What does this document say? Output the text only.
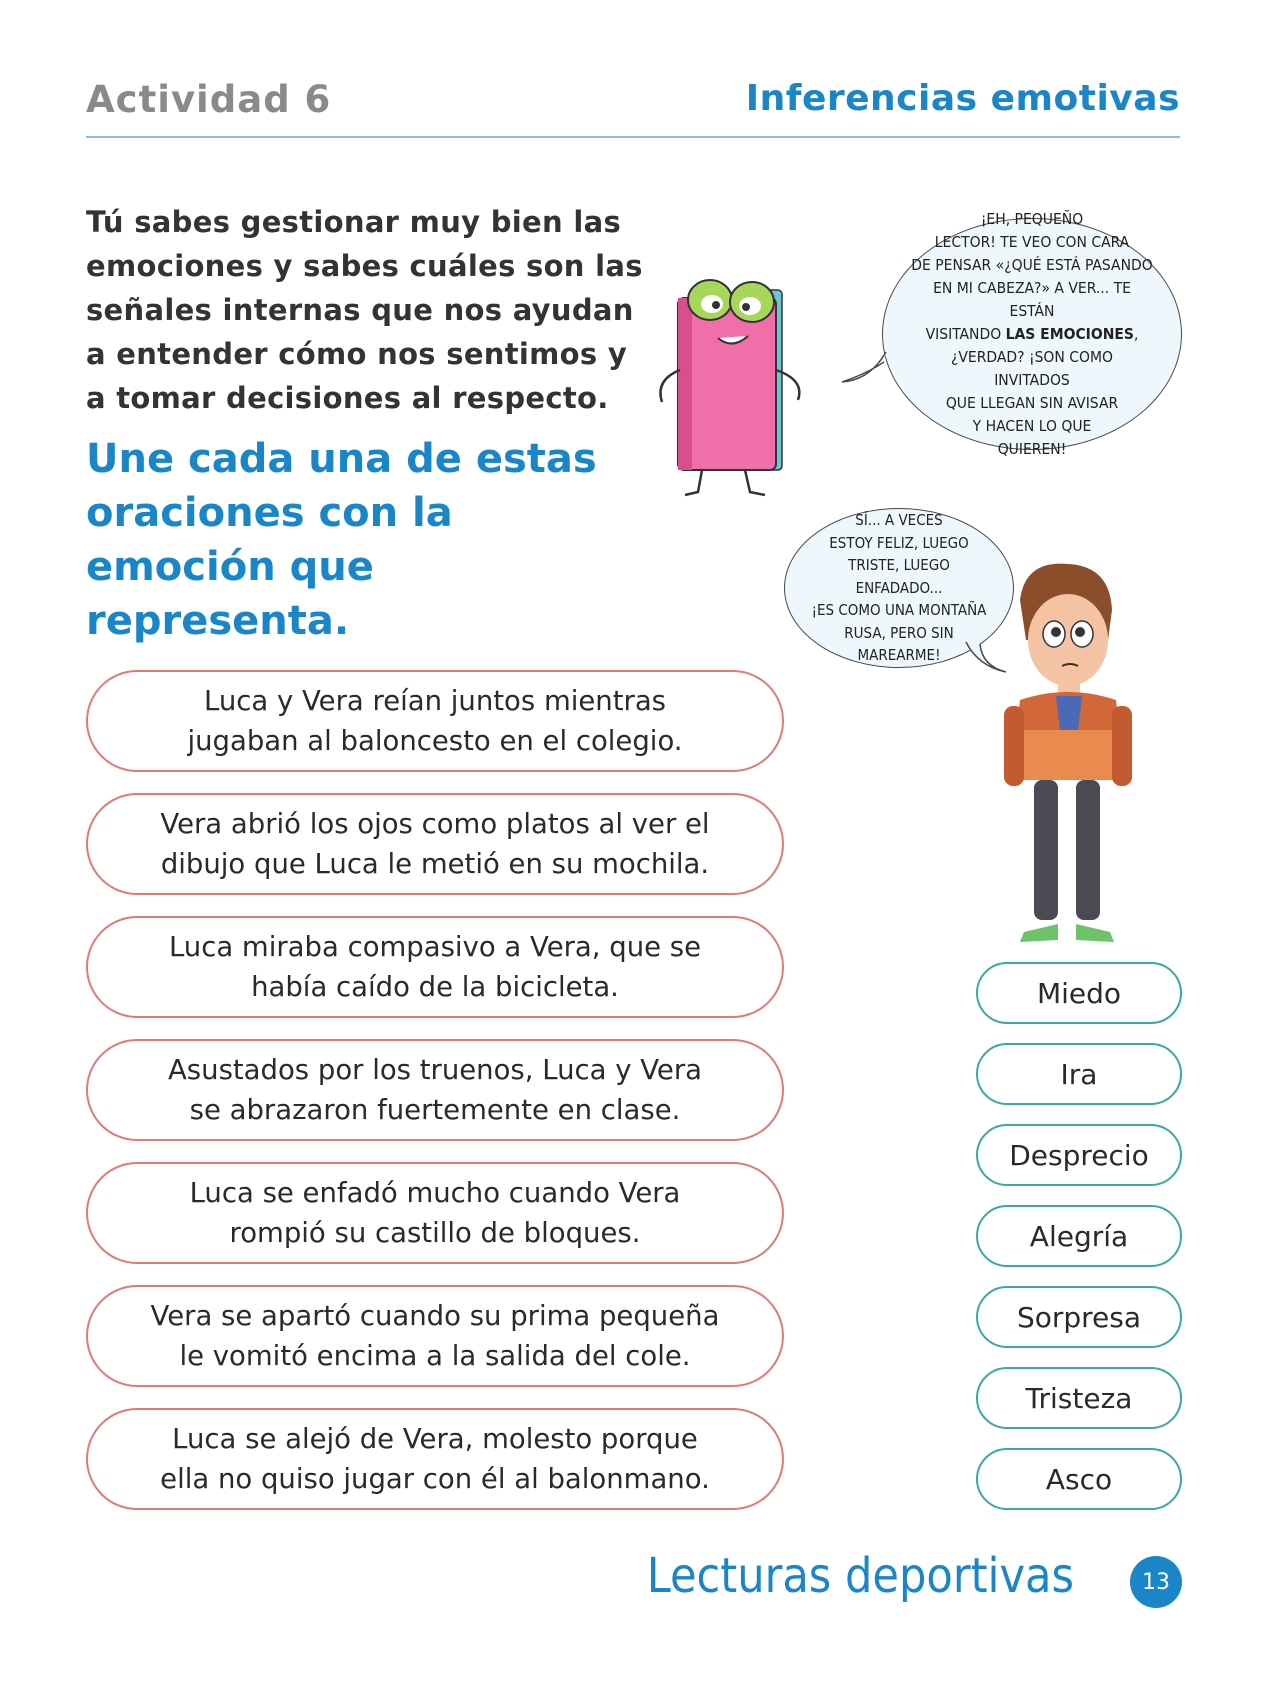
Actividad 6	Inferencias emotivas
Tú sabes gestionar muy bien las emociones y sabes cuáles son las señales internas que nos ayudan a entender cómo nos sentimos y a tomar decisiones al respecto.
Une cada una de estas oraciones con la emoción que representa.
¡EH, PEQUEÑO
LECTOR! TE VEO CON CARA
DE PENSAR «¿QUÉ ESTÁ PASANDO
EN MI CABEZA?» A VER... TE ESTÁN
VISITANDO LAS EMOCIONES,
¿VERDAD? ¡SON COMO INVITADOS
QUE LLEGAN SIN AVISAR
Y HACEN LO QUE
QUIEREN!
SÍ... A VECES
ESTOY FELIZ, LUEGO
TRISTE, LUEGO ENFADADO...
¡ES COMO UNA MONTAÑA
RUSA, PERO SIN
MAREARME!
Luca y Vera reían juntos mientras
jugaban al baloncesto en el colegio.
Vera abrió los ojos como platos al ver el
dibujo que Luca le metió en su mochila.
Luca miraba compasivo a Vera, que se
había caído de la bicicleta.
Asustados por los truenos, Luca y Vera
se abrazaron fuertemente en clase.
Luca se enfadó mucho cuando Vera
rompió su castillo de bloques.
Vera se apartó cuando su prima pequeña
le vomitó encima a la salida del cole.
Luca se alejó de Vera, molesto porque
ella no quiso jugar con él al balonmano.
Miedo
Ira
Desprecio
Alegría
Sorpresa
Tristeza
Asco
Lecturas deportivas	13
